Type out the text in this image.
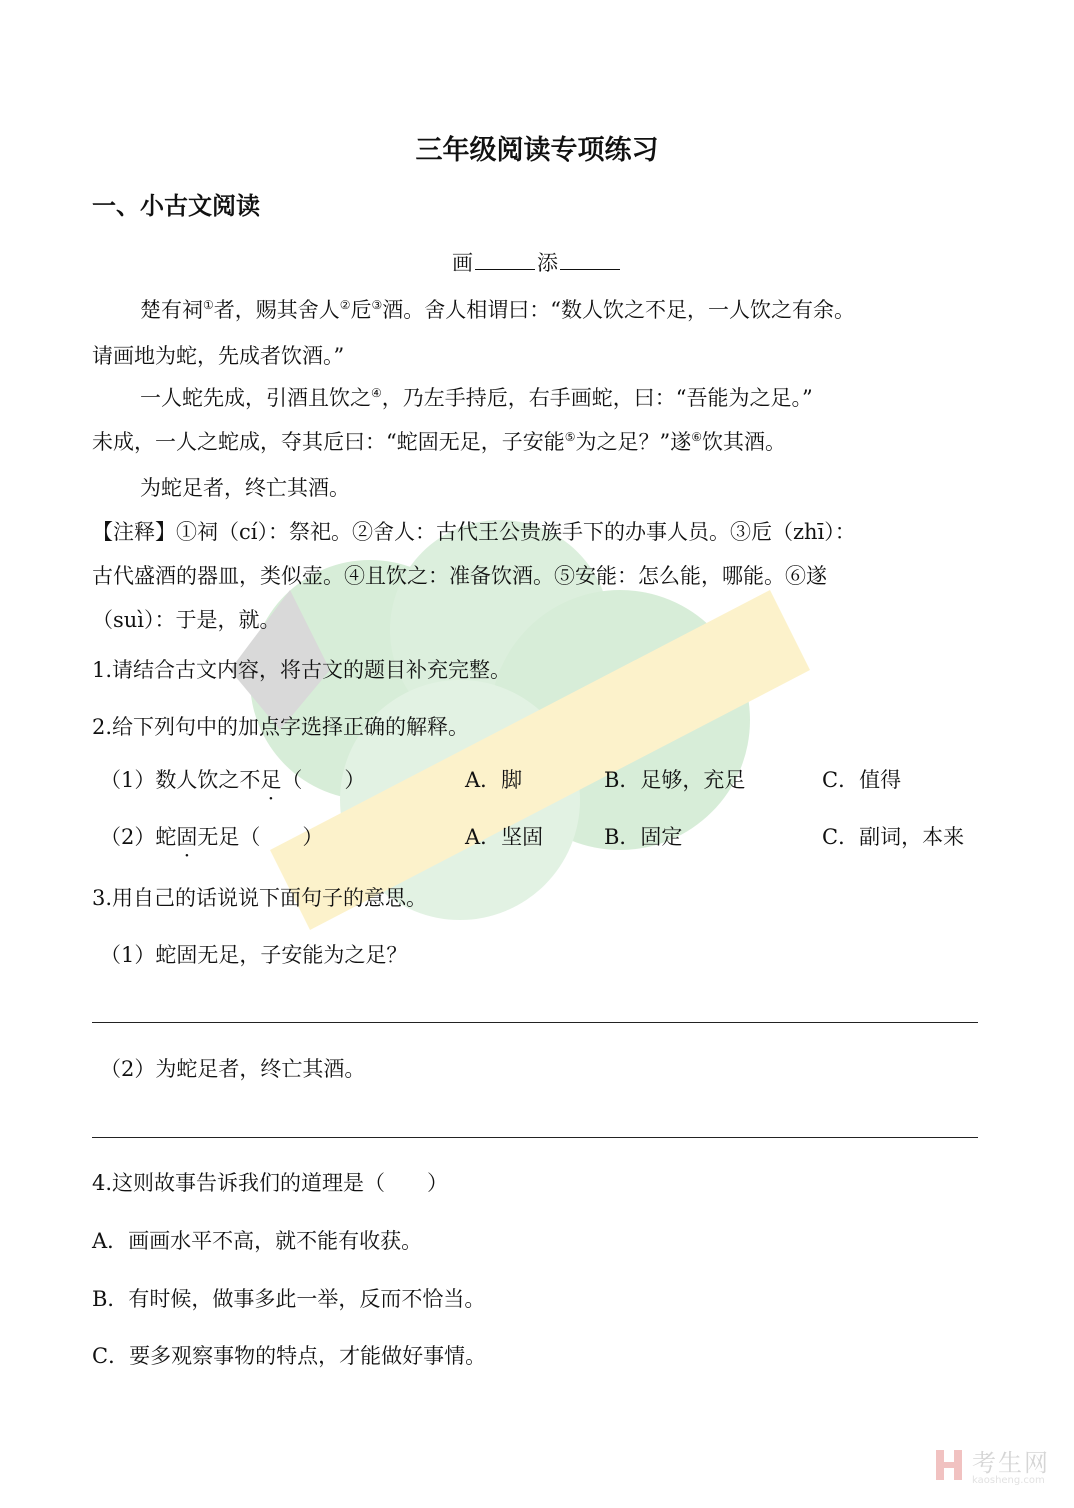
三年级阅读专项练习
一、小古文阅读
画	添
楚有祠①者，赐其舍人②卮③酒。舍人相谓曰：“数人饮之不足，一人饮之有余。
请画地为蛇，先成者饮酒。”
一人蛇先成，引酒且饮之④，乃左手持卮，右手画蛇，曰：“吾能为之足。”
未成，一人之蛇成，夺其卮曰：“蛇固无足，子安能⑤为之足？”遂⑥饮其酒。
为蛇足者，终亡其酒。
【注释】①祠（cí）：祭祀。②舍人：古代王公贵族手下的办事人员。③卮（zhī）：
古代盛酒的器皿，类似壶。④且饮之：准备饮酒。⑤安能：怎么能，哪能。⑥遂
（suì）：于是，就。
1.请结合古文内容，将古文的题目补充完整。
2.给下列句中的加点字选择正确的解释。
（1）数人饮之不足（　　）	A．脚	B．足够，充足	C．值得
（2）蛇固无足（　　）	A．坚固	B．固定	C．副词，本来
3.用自己的话说说下面句子的意思。
（1）蛇固无足，子安能为之足？
（2）为蛇足者，终亡其酒。
4.这则故事告诉我们的道理是（　　）
A．画画水平不高，就不能有收获。
B．有时候，做事多此一举，反而不恰当。
C．要多观察事物的特点，才能做好事情。
考生网
kaosheng.com
